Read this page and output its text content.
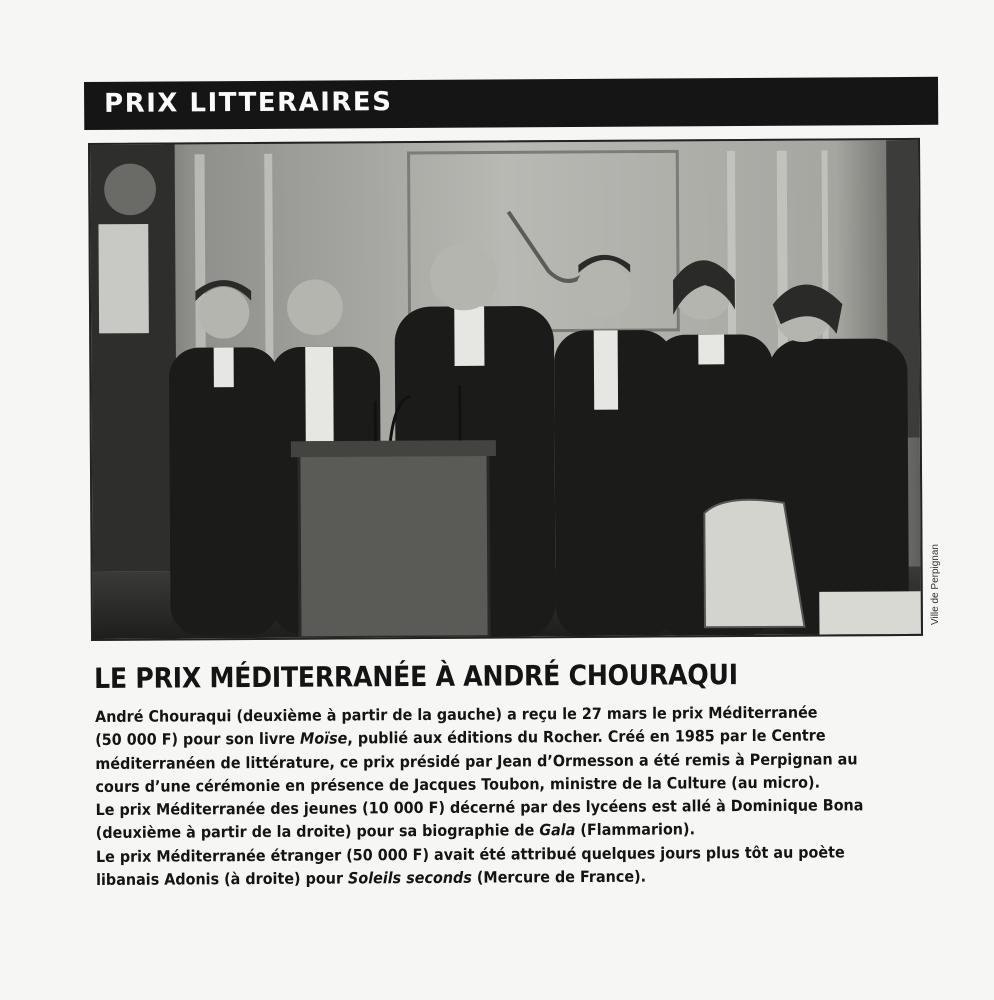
PRIX LITTERAIRES
Ville de Perpignan
LE PRIX MÉDITERRANÉE À ANDRÉ CHOURAQUI

André Chouraqui (deuxième à partir de la gauche) a reçu le 27 mars le prix Méditerranée

(50 000 F) pour son livre Moïse, publié aux éditions du Rocher. Créé en 1985 par le Centre

méditerranéen de littérature, ce prix présidé par Jean d’Ormesson a été remis à Perpignan au

cours d’une cérémonie en présence de Jacques Toubon, ministre de la Culture (au micro).

Le prix Méditerranée des jeunes (10 000 F) décerné par des lycéens est allé à Dominique Bona

(deuxième à partir de la droite) pour sa biographie de Gala (Flammarion).

Le prix Méditerranée étranger (50 000 F) avait été attribué quelques jours plus tôt au poète

libanais Adonis (à droite) pour Soleils seconds (Mercure de France).
